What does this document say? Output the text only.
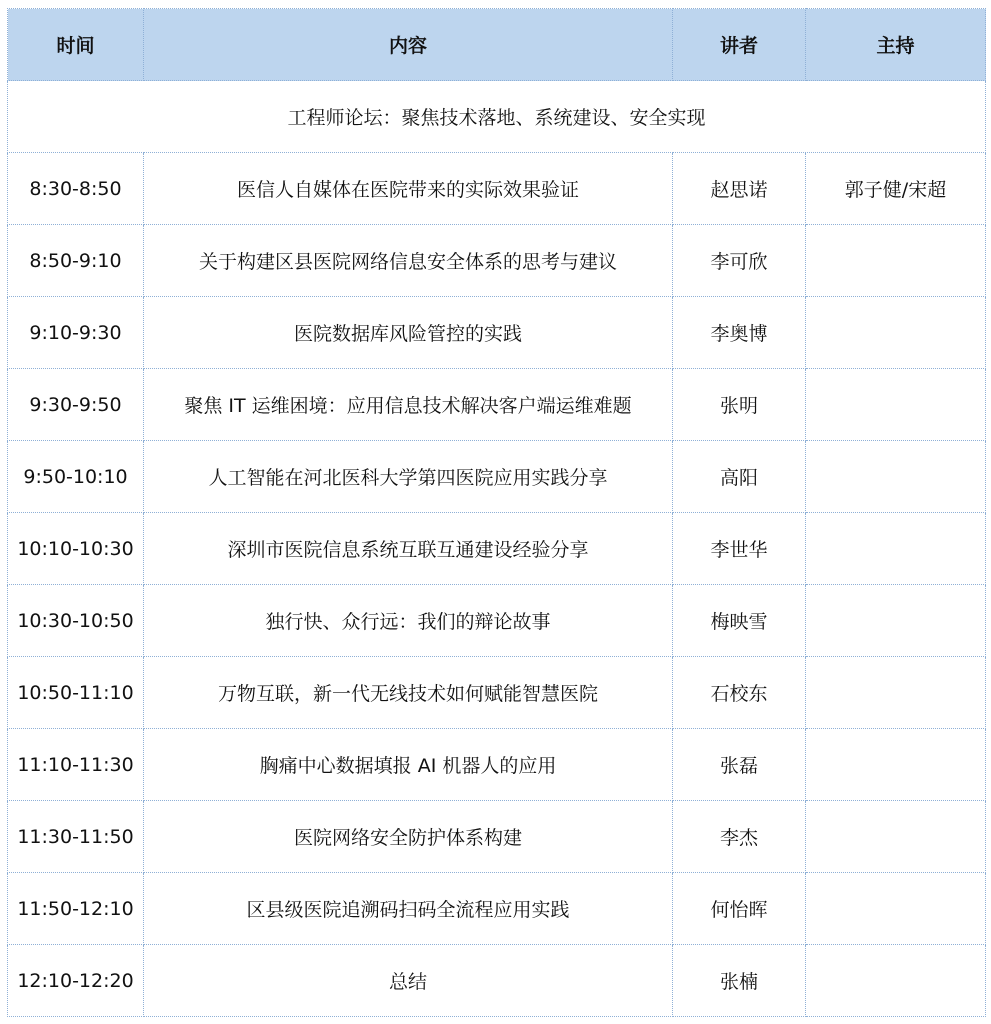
时间	内容	讲者	主持
工程师论坛：聚焦技术落地、系统建设、安全实现			
8:30-8:50	医信人自媒体在医院带来的实际效果验证	赵思诺	郭子健/宋超
8:50-9:10	关于构建区县医院网络信息安全体系的思考与建议	李可欣	
9:10-9:30	医院数据库风险管控的实践	李奥博	
9:30-9:50	聚焦 IT 运维困境：应用信息技术解决客户端运维难题	张明	
9:50-10:10	人工智能在河北医科大学第四医院应用实践分享	高阳	
10:10-10:30	深圳市医院信息系统互联互通建设经验分享	李世华	
10:30-10:50	独行快、众行远：我们的辩论故事	梅映雪	
10:50-11:10	万物互联，新一代无线技术如何赋能智慧医院	石校东	
11:10-11:30	胸痛中心数据填报 AI 机器人的应用	张磊	
11:30-11:50	医院网络安全防护体系构建	李杰	
11:50-12:10	区县级医院追溯码扫码全流程应用实践	何怡晖	
12:10-12:20	总结	张楠	
